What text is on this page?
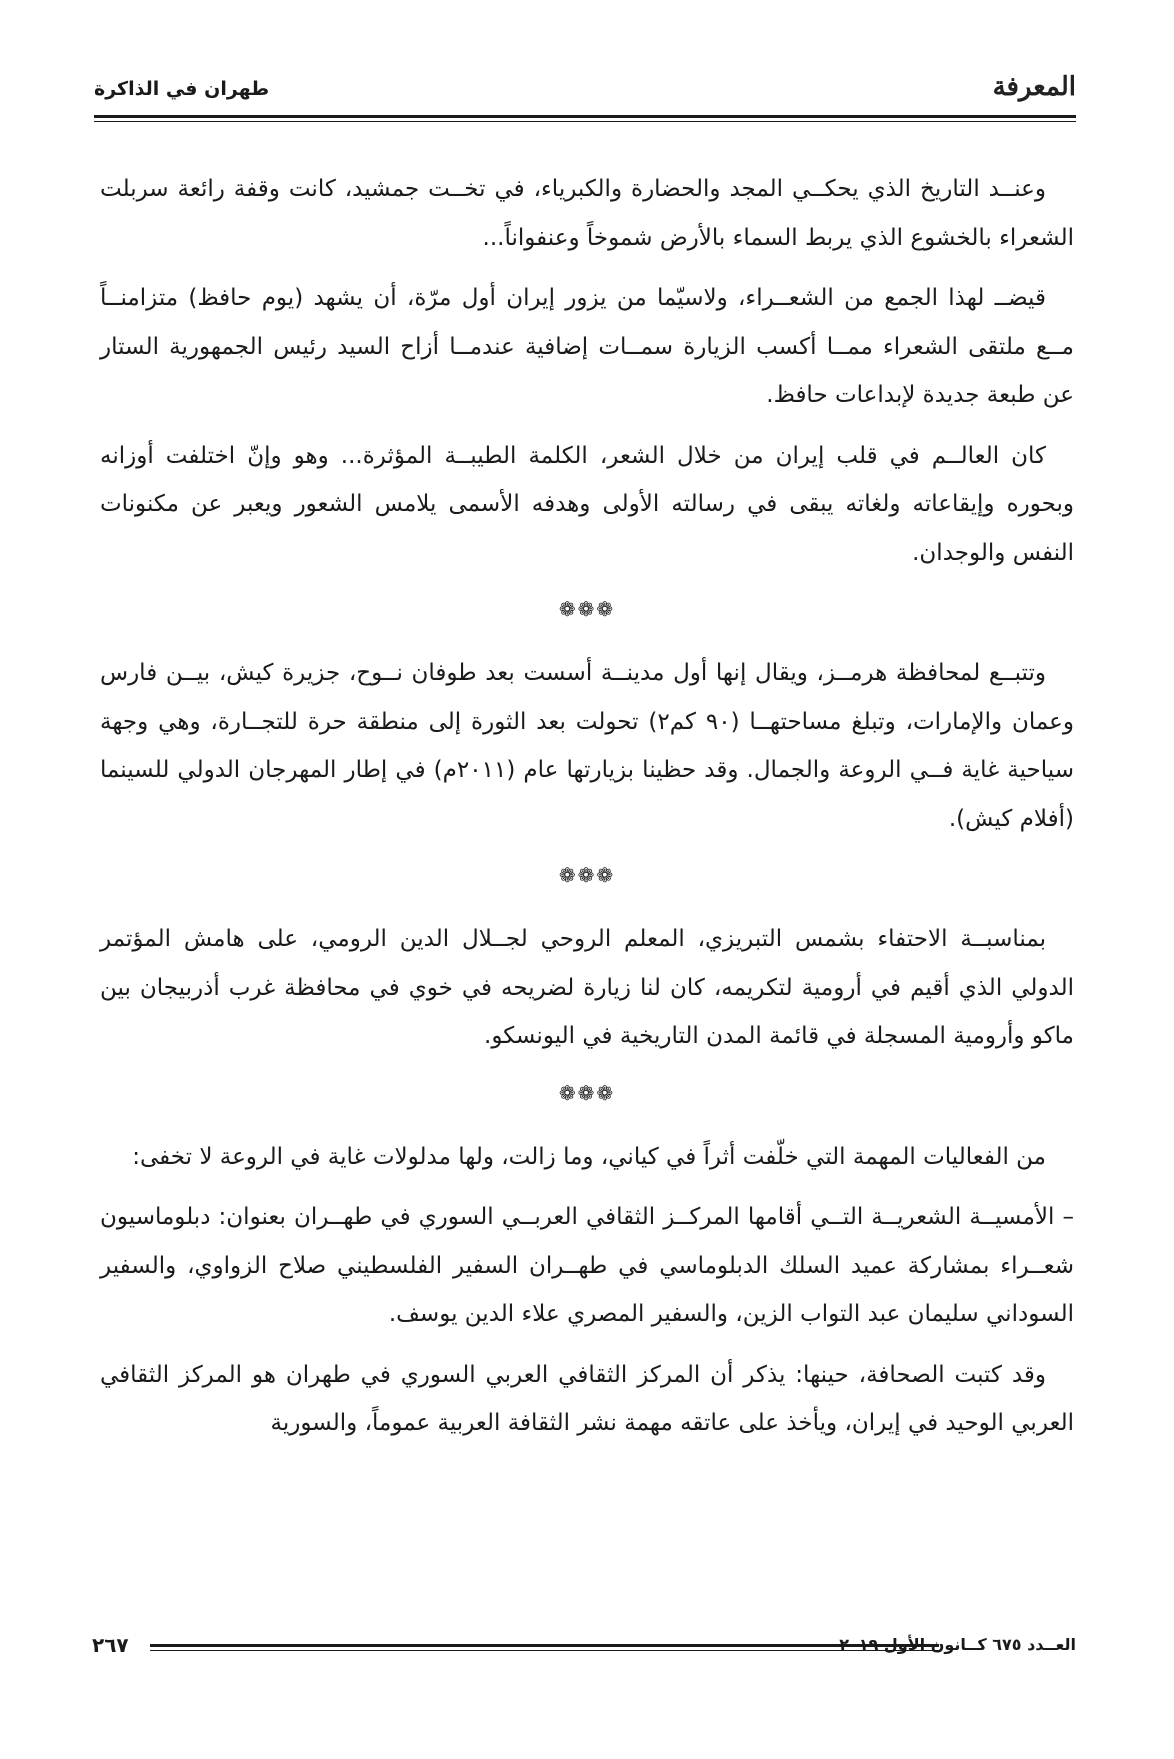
المعرفة
طهران في الذاكرة

وعنــد التاريخ الذي يحكــي المجد والحضارة والكبرياء، في تخــت جمشيد، كانت وقفة رائعة سربلت الشعراء بالخشوع الذي يربط السماء بالأرض شموخاً وعنفواناً...

قيضــ لهذا الجمع من الشعــراء، ولاسيّما من يزور إيران أول مرّة، أن يشهد (يوم حافظ) متزامنــاً مــع ملتقى الشعراء ممــا أكسب الزيارة سمــات إضافية عندمــا أزاح السيد رئيس الجمهورية الستار عن طبعة جديدة لإبداعات حافظ.

كان العالــم في قلب إيران من خلال الشعر، الكلمة الطيبــة المؤثرة... وهو وإنّ اختلفت أوزانه وبحوره وإيقاعاته ولغاته يبقى في رسالته الأولى وهدفه الأسمى يلامس الشعور ويعبر عن مكنونات النفس والوجدان.

❁❁❁

وتتبــع لمحافظة هرمــز، ويقال إنها أول مدينــة أسست بعد طوفان نــوح، جزيرة كيش، بيــن فارس وعمان والإمارات، وتبلغ مساحتهــا (٩٠ كم٢) تحولت بعد الثورة إلى منطقة حرة للتجــارة، وهي وجهة سياحية غاية فــي الروعة والجمال. وقد حظينا بزيارتها عام (٢٠١١م) في إطار المهرجان الدولي للسينما (أفلام كيش).

❁❁❁

بمناسبــة الاحتفاء بشمس التبريزي، المعلم الروحي لجــلال الدين الرومي، على هامش المؤتمر الدولي الذي أقيم في أرومية لتكريمه، كان لنا زيارة لضريحه في خوي في محافظة غرب أذربيجان بين ماكو وأرومية المسجلة في قائمة المدن التاريخية في اليونسكو.

❁❁❁

من الفعاليات المهمة التي خلّفت أثراً في كياني، وما زالت، ولها مدلولات غاية في الروعة لا تخفى:

– الأمسيــة الشعريــة التــي أقامها المركــز الثقافي العربــي السوري في طهــران بعنوان: دبلوماسيون شعــراء بمشاركة عميد السلك الدبلوماسي في طهــران السفير الفلسطيني صلاح الزواوي، والسفير السوداني سليمان عبد التواب الزين، والسفير المصري علاء الدين يوسف.

وقد كتبت الصحافة، حينها: يذكر أن المركز الثقافي العربي السوري في طهران هو المركز الثقافي العربي الوحيد في إيران، ويأخذ على عاتقه مهمة نشر الثقافة العربية عموماً، والسورية

العــدد ٦٧٥ كــانون الأول ٢٠١٩
٢٦٧
